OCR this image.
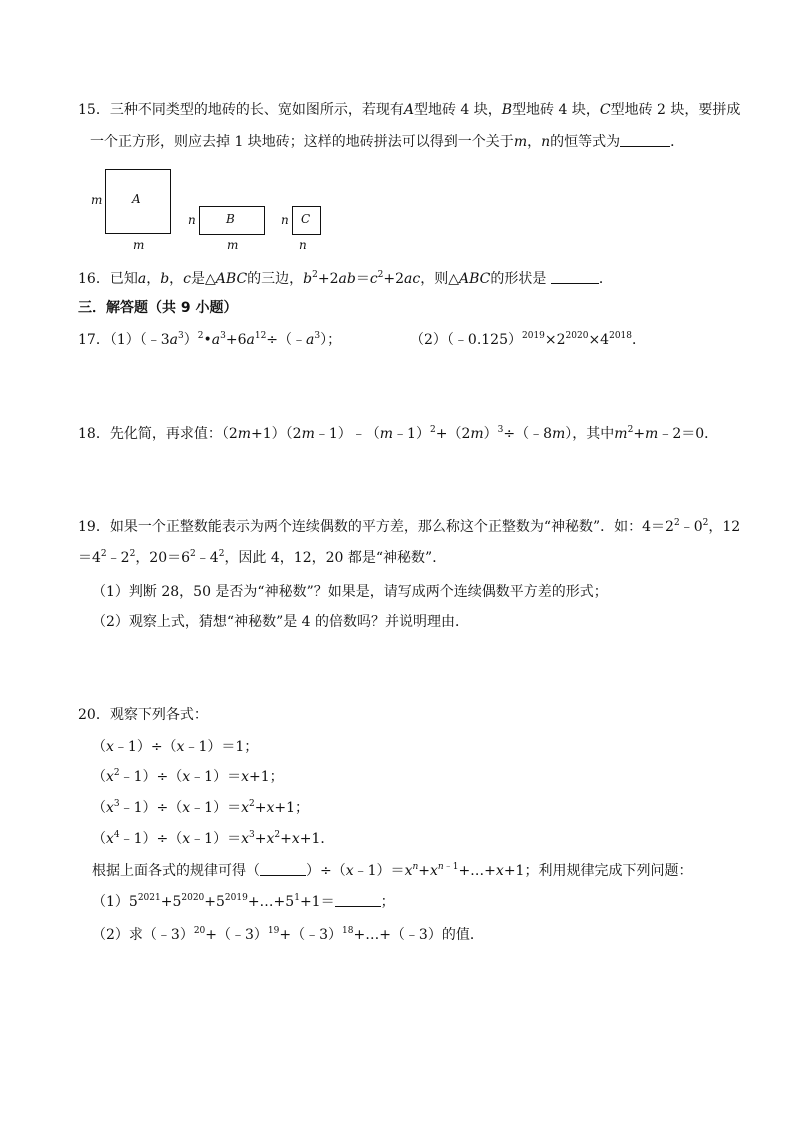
15．三种不同类型的地砖的长、宽如图所示，若现有A型地砖 4 块，B型地砖 4 块，C型地砖 2 块，要拼成
一个正方形，则应去掉 1 块地砖；这样的地砖拼法可以得到一个关于m，n的恒等式为	．
A
m
m
B
n
m
C
n
n
16．已知a，b，c是△ABC的三边，$b^2+2ab=c^2+2ac$，则△ABC的形状是	．
三．解答题（共 9 小题）
17．$(1)(﹣3a^3)^2•a^3+6a^{12}\div(﹣a^3)$；	$(2)(﹣0.125)^{2019}\times 2^{2020}\times 4^{2018}$．
18．先化简，再求值：$(2m+1)(2m﹣1)﹣(m﹣1)^2+(2m)^3\div(﹣8m)$，其中$m^2+m﹣2=0$．
19．如果一个正整数能表示为两个连续偶数的平方差，那么称这个正整数为“神秘数”．如：$4=2^2﹣0^2$，12
$=4^2﹣2^2$，$20=6^2﹣4^2$，因此 4，12，20 都是“神秘数”．
（1）判断 28，50 是否为“神秘数”？如果是，请写成两个连续偶数平方差的形式；
（2）观察上式，猜想“神秘数”是 4 的倍数吗？并说明理由．
20．观察下列各式：
（x﹣1）÷（x﹣1）＝1；
$(x^2﹣1)\div(x﹣1)=x+1$；
$(x^3﹣1)\div(x﹣1)=x^2+x+1$；
$(x^4﹣1)\div(x﹣1)=x^3+x^2+x+1$．
根据上面各式的规律可得（	）$\div(x﹣1)=x^n+x^{n﹣1}+\dots+x+1$；利用规律完成下列问题：
$(1)5^{2021}+5^{2020}+5^{2019}+\dots+5^1+1=$	；
（2）求（﹣3）$^{20}$+（﹣3）$^{19}$+（﹣3）$^{18}$+…+（﹣3）的值．
